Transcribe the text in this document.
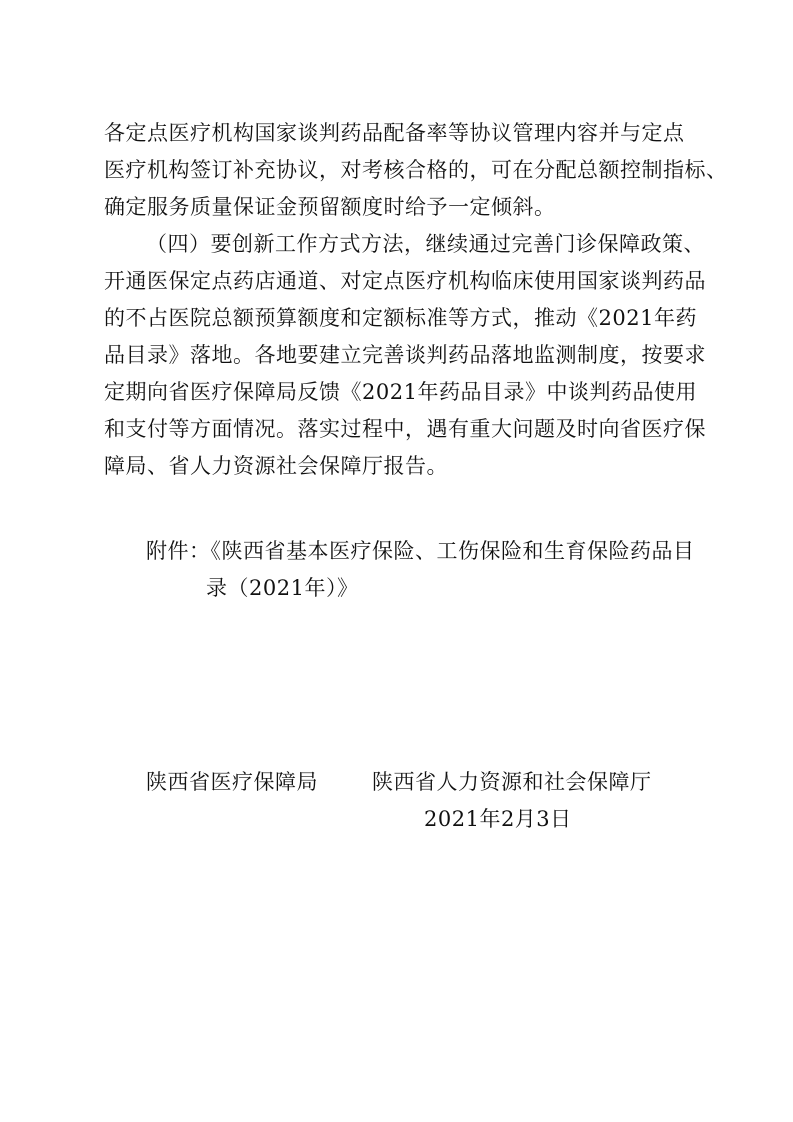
各定点医疗机构国家谈判药品配备率等协议管理内容并与定点
医疗机构签订补充协议，对考核合格的，可在分配总额控制指标、
确定服务质量保证金预留额度时给予一定倾斜。
（四）要创新工作方式方法，继续通过完善门诊保障政策、
开通医保定点药店通道、对定点医疗机构临床使用国家谈判药品
的不占医院总额预算额度和定额标准等方式，推动《2021年药
品目录》落地。各地要建立完善谈判药品落地监测制度，按要求
定期向省医疗保障局反馈《2021年药品目录》中谈判药品使用
和支付等方面情况。落实过程中，遇有重大问题及时向省医疗保
障局、省人力资源社会保障厅报告。
附件：《陕西省基本医疗保险、工伤保险和生育保险药品目
录（2021年）》
陕西省医疗保障局	陕西省人力资源和社会保障厅
2021年2月3日
